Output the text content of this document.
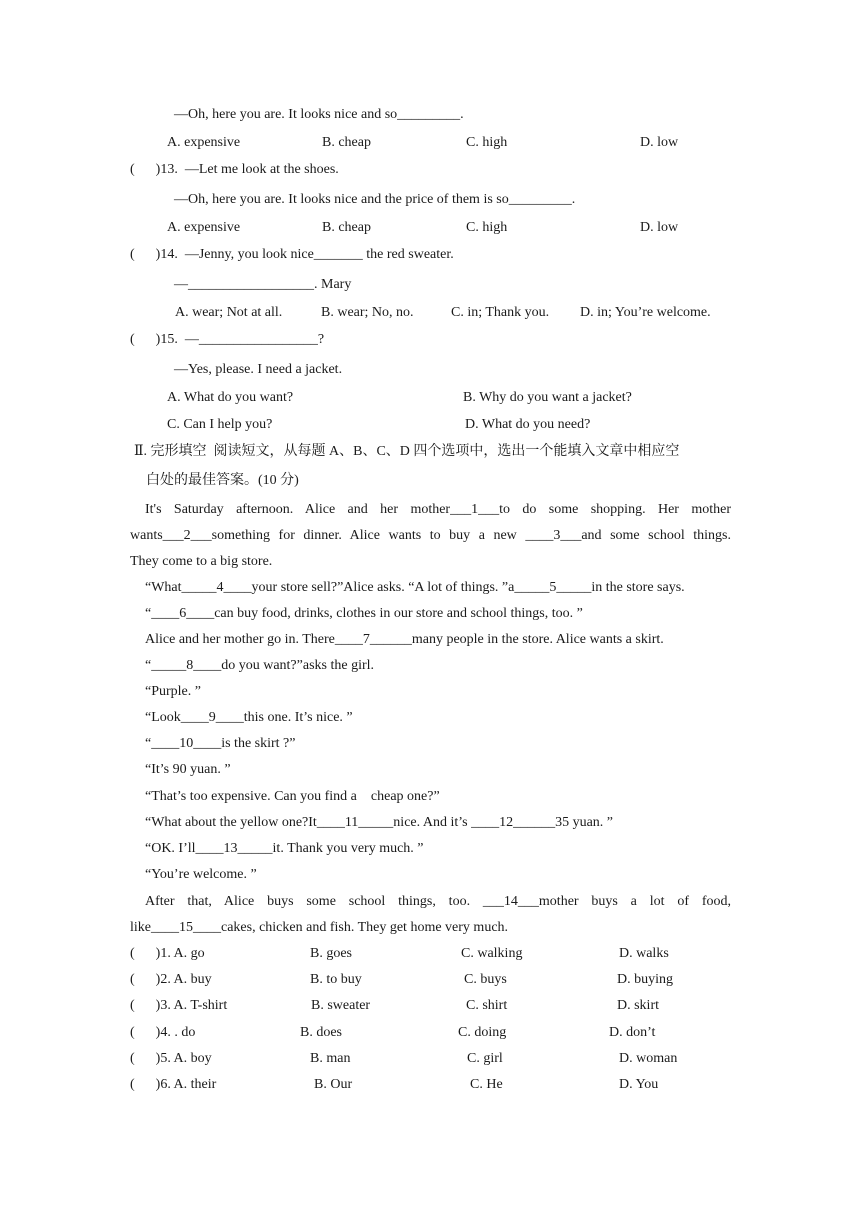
—Oh, here you are. It looks nice and so_________.
A. expensive	B. cheap	C. high	D. low
(      )13.  —Let me look at the shoes.
—Oh, here you are. It looks nice and the price of them is so_________.
A. expensive	B. cheap	C. high	D. low
(      )14.  —Jenny, you look nice_______ the red sweater.
—__________________. Mary
A. wear; Not at all.	B. wear; No, no.	C. in; Thank you. D. in; You’re welcome.
(      )15.  —_________________?
—Yes, please. I need a jacket.
A. What do you want?	B. Why do you want a jacket?
C. Can I help you?	D. What do you need?
Ⅱ. 完形填空  阅读短文，从每题 A、B、C、D 四个选项中，选出一个能填入文章中相应空
白处的最佳答案。(10 分)
It's Saturday afternoon. Alice and her mother___1___to do some shopping. Her mother
wants___2___something for dinner. Alice wants to buy a new ____3___and some school things.
They come to a big store.
“What_____4____your store sell?”Alice asks. “A lot of things. ”a_____5_____in the store says.
“____6____can buy food, drinks, clothes in our store and school things, too. ”
Alice and her mother go in. There____7______many people in the store. Alice wants a skirt.
“_____8____do you want?”asks the girl.
“Purple. ”
“Look____9____this one. It’s nice. ”
“____10____is the skirt ?”
“It’s 90 yuan. ”
“That’s too expensive. Can you find a    cheap one?”
“What about the yellow one?It____11_____nice. And it’s ____12______35 yuan. ”
“OK. I’ll____13_____it. Thank you very much. ”
“You’re welcome. ”
After that, Alice buys some school things, too. ___14___mother buys a lot of food,
like____15____cakes, chicken and fish. They get home very much.
(      )1. A. go	B. goes	C. walking	D. walks
(      )2. A. buy	B. to buy	C. buys	D. buying
(      )3. A. T-shirt	B. sweater	C. shirt	D. skirt
(      )4. . do	B. does	C. doing	D. don’t
(      )5. A. boy	B. man	C. girl	D. woman
(      )6. A. their	B. Our	C. He	D. You
